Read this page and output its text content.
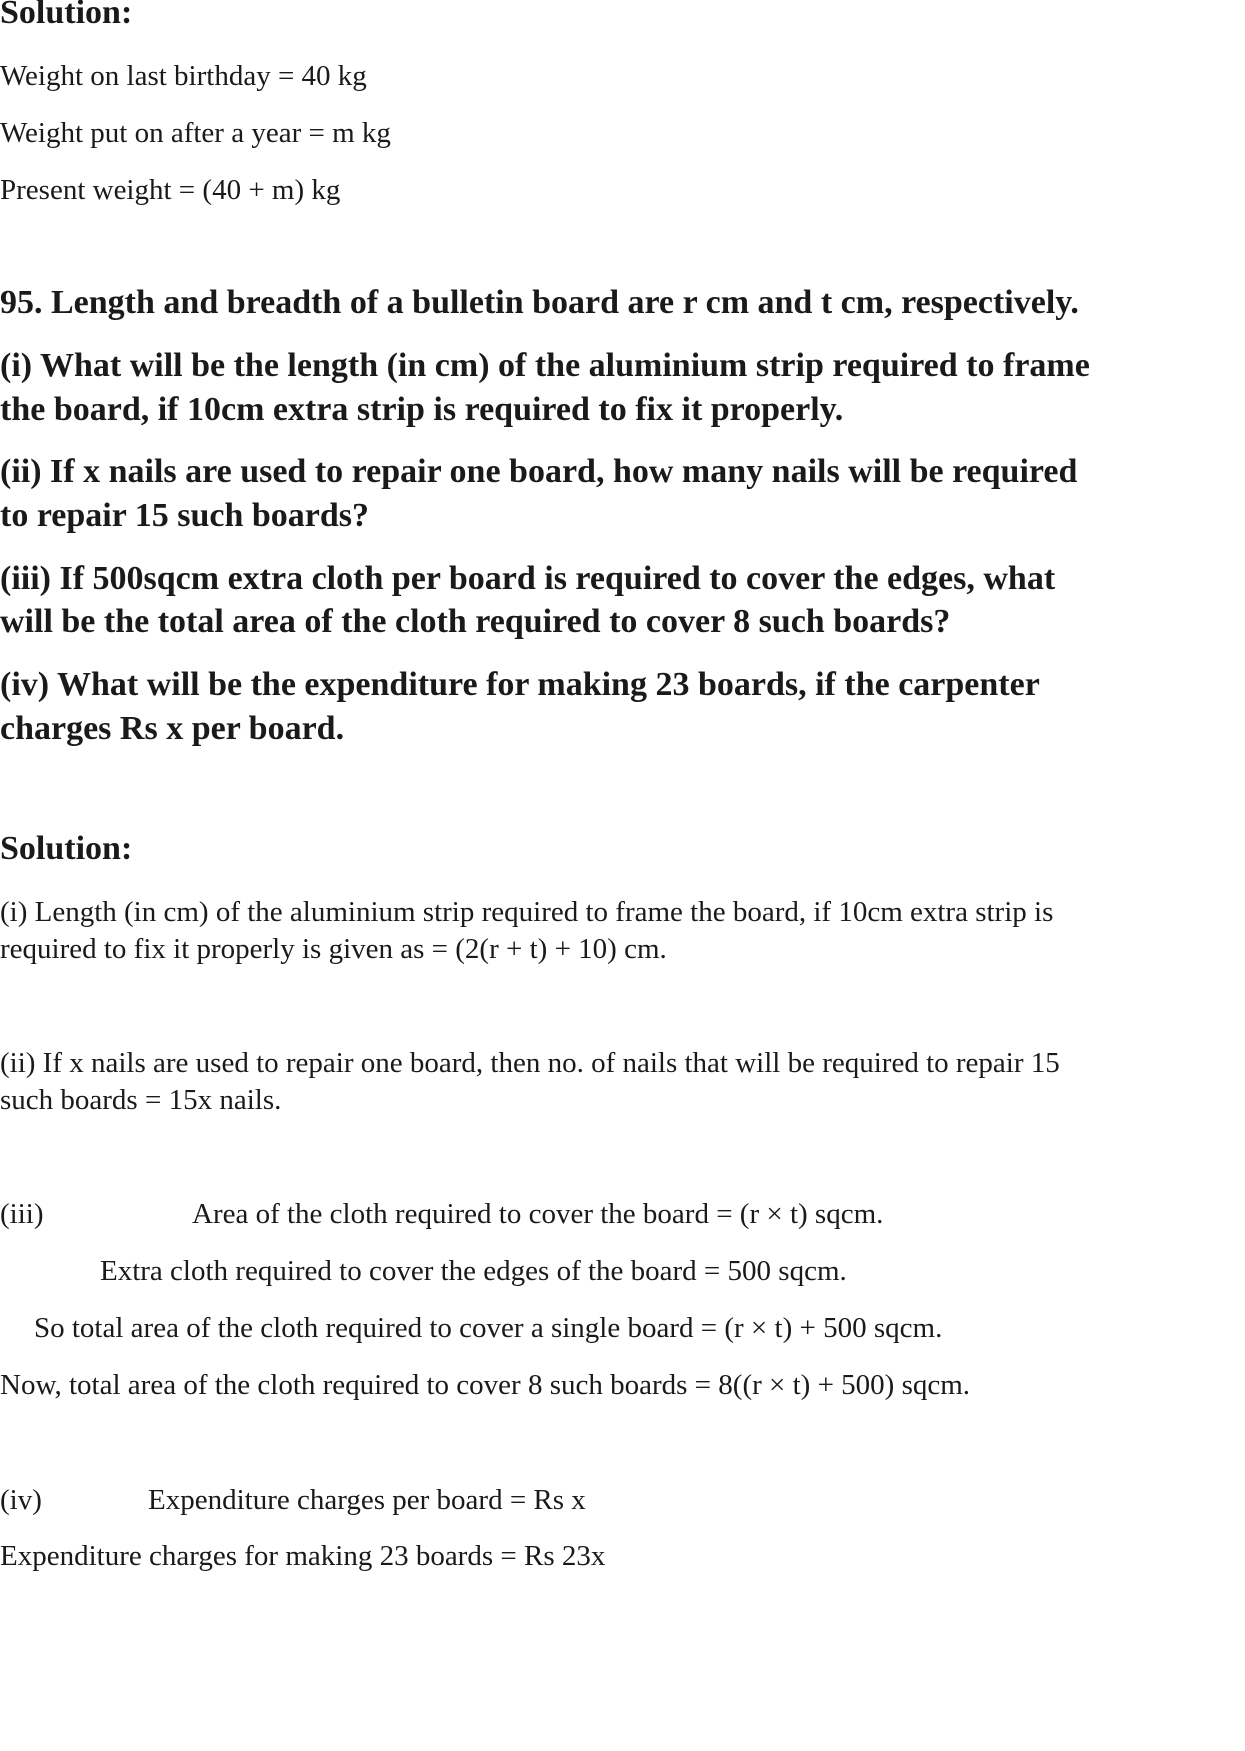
Solution:
Weight on last birthday = 40 kg
Weight put on after a year = m kg
Present weight = (40 + m) kg
95. Length and breadth of a bulletin board are r cm and t cm, respectively.
(i) What will be the length (in cm) of the aluminium strip required to frame
the board, if 10cm extra strip is required to fix it properly.
(ii) If x nails are used to repair one board, how many nails will be required
to repair 15 such boards?
(iii) If 500sqcm extra cloth per board is required to cover the edges, what
will be the total area of the cloth required to cover 8 such boards?
(iv) What will be the expenditure for making 23 boards, if the carpenter
charges Rs x per board.
Solution:
(i) Length (in cm) of the aluminium strip required to frame the board, if 10cm extra strip is
required to fix it properly is given as = (2(r + t) + 10) cm.
(ii) If x nails are used to repair one board, then no. of nails that will be required to repair 15
such boards = 15x nails.
(iii)	Area of the cloth required to cover the board = (r × t) sqcm.
Extra cloth required to cover the edges of the board = 500 sqcm.
So total area of the cloth required to cover a single board = (r × t) + 500 sqcm.
Now, total area of the cloth required to cover 8 such boards = 8((r × t) + 500) sqcm.
(iv)	Expenditure charges per board = Rs x
Expenditure charges for making 23 boards = Rs 23x
